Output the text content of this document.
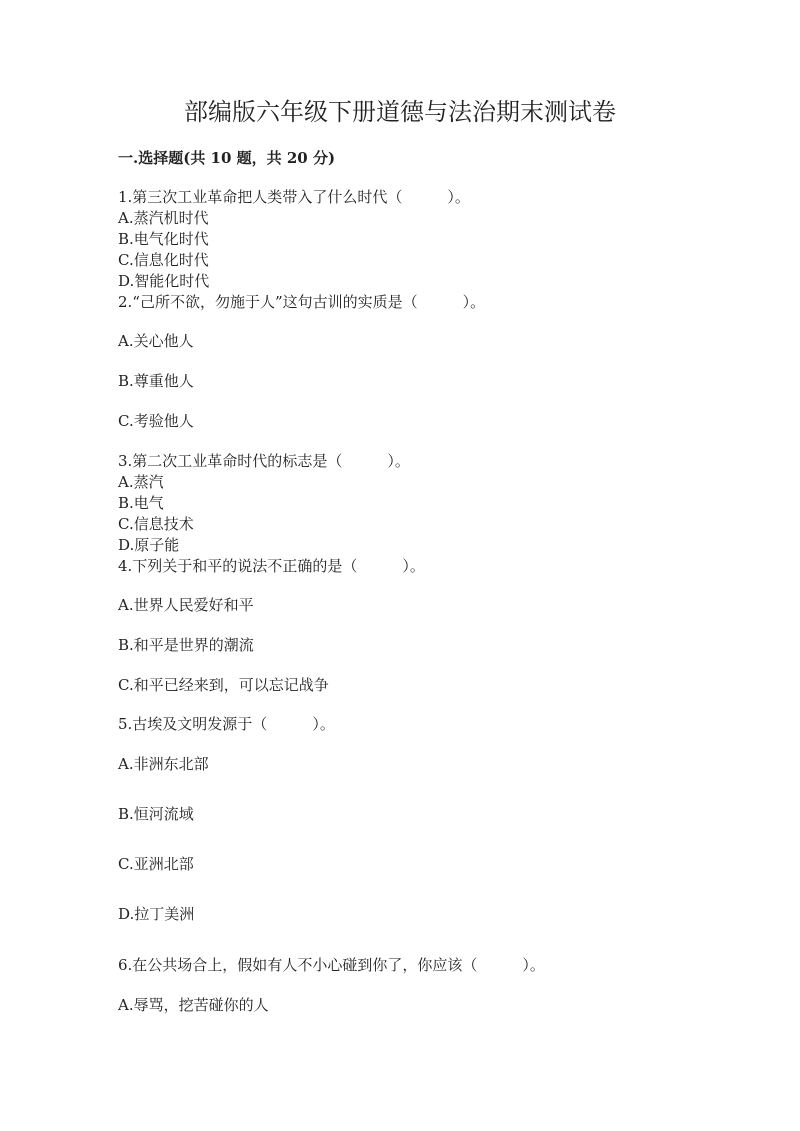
部编版六年级下册道德与法治期末测试卷
一.选择题(共 10 题，共 20 分)
1.第三次工业革命把人类带入了什么时代（　　　）。
A.蒸汽机时代
B.电气化时代
C.信息化时代
D.智能化时代
2.“己所不欲，勿施于人”这句古训的实质是（　　　）。
A.关心他人
B.尊重他人
C.考验他人
3.第二次工业革命时代的标志是（　　　）。
A.蒸汽
B.电气
C.信息技术
D.原子能
4.下列关于和平的说法不正确的是（　　　）。
A.世界人民爱好和平
B.和平是世界的潮流
C.和平已经来到，可以忘记战争
5.古埃及文明发源于（　　　）。
A.非洲东北部
B.恒河流域
C.亚洲北部
D.拉丁美洲
6.在公共场合上，假如有人不小心碰到你了，你应该（　　　）。
A.辱骂，挖苦碰你的人
